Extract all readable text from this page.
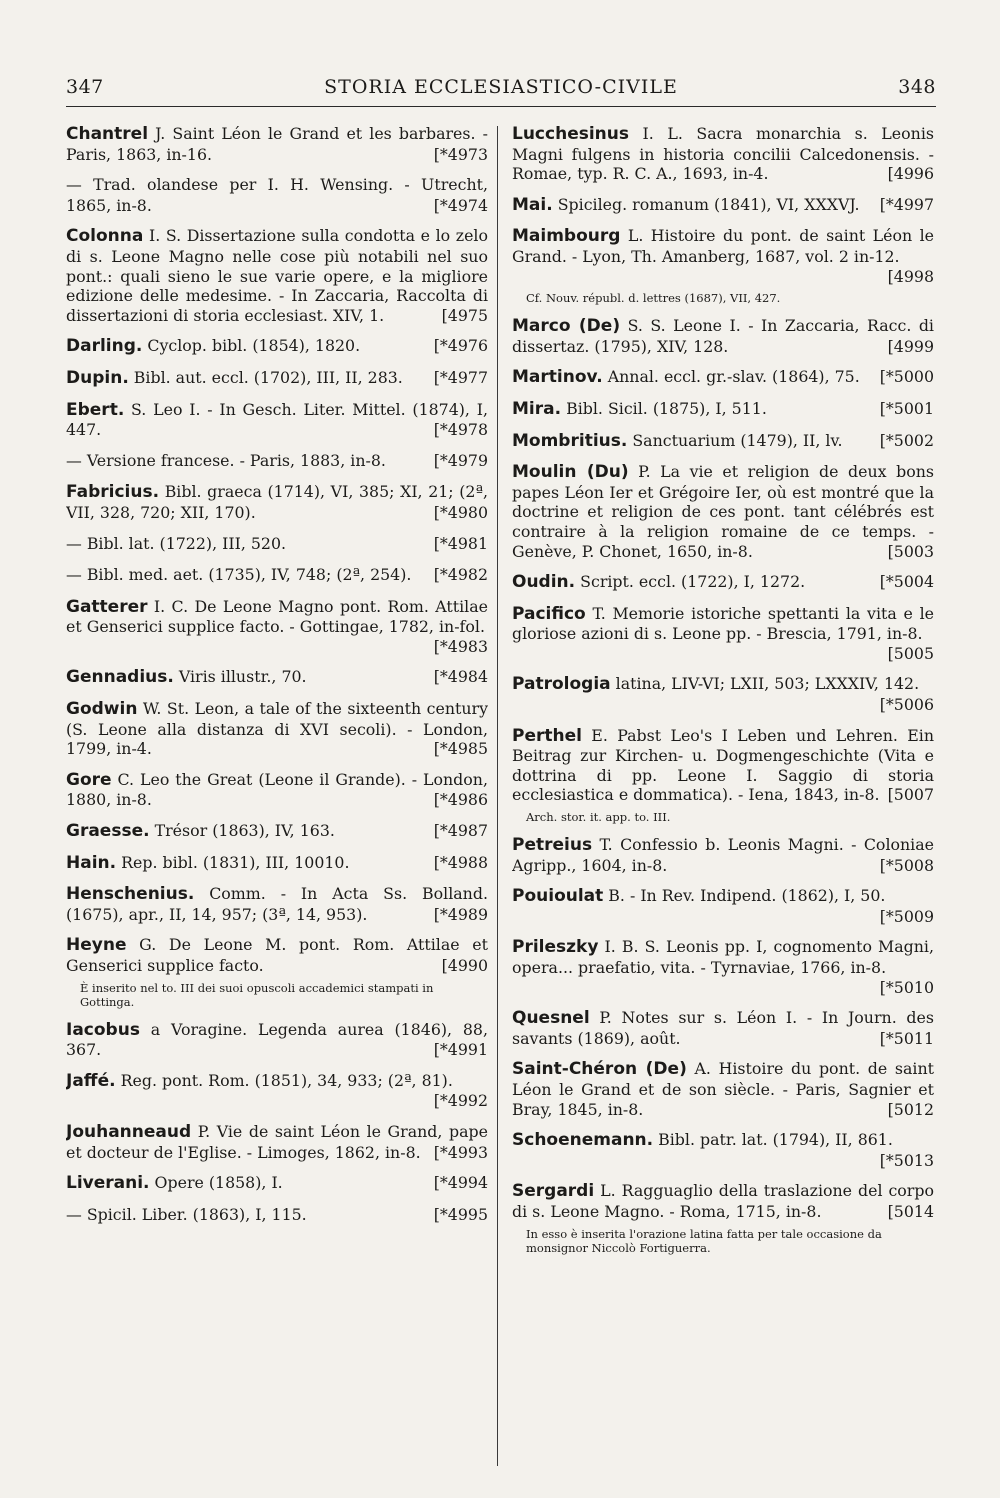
347	STORIA ECCLESIASTICO-CIVILE	348
Chantrel J. Saint Léon le Grand et les barbares. - Paris, 1863, in-16.	[*4973
— Trad. olandese per I. H. Wensing. - Utrecht, 1865, in-8.	[*4974
Colonna I. S. Dissertazione sulla condotta e lo zelo di s. Leone Magno nelle cose più notabili nel suo pont.: quali sieno le sue varie opere, e la migliore edizione delle medesime. - In Zaccaria, Raccolta di dissertazioni di storia ecclesiast. XIV, 1.	[4975
Darling. Cyclop. bibl. (1854), 1820.	[*4976
Dupin. Bibl. aut. eccl. (1702), III, II, 283.	[*4977
Ebert. S. Leo I. - In Gesch. Liter. Mittel. (1874), I, 447.	[*4978
— Versione francese. - Paris, 1883, in-8.	[*4979
Fabricius. Bibl. graeca (1714), VI, 385; XI, 21; (2ª, VII, 328, 720; XII, 170).	[*4980
— Bibl. lat. (1722), III, 520.	[*4981
— Bibl. med. aet. (1735), IV, 748; (2ª, 254).	[*4982
Gatterer I. C. De Leone Magno pont. Rom. Attilae et Genserici supplice facto. - Gottingae, 1782, in-fol.
[*4983
Gennadius. Viris illustr., 70.	[*4984
Godwin W. St. Leon, a tale of the sixteenth century (S. Leone alla distanza di XVI secoli). - London, 1799, in-4.	[*4985
Gore C. Leo the Great (Leone il Grande). - London, 1880, in-8.	[*4986
Graesse. Trésor (1863), IV, 163.	[*4987
Hain. Rep. bibl. (1831), III, 10010.	[*4988
Henschenius. Comm. - In Acta Ss. Bolland. (1675), apr., II, 14, 957; (3ª, 14, 953).	[*4989
Heyne G. De Leone M. pont. Rom. Attilae et Genserici supplice facto.	[4990
È inserito nel to. III dei suoi opuscoli accademici stampati in Gottinga.
Iacobus a Voragine. Legenda aurea (1846), 88, 367.	[*4991
Jaffé. Reg. pont. Rom. (1851), 34, 933; (2ª, 81).
[*4992
Jouhanneaud P. Vie de saint Léon le Grand, pape et docteur de l'Eglise. - Limoges, 1862, in-8. [*4993
Liverani. Opere (1858), I.	[*4994
— Spicil. Liber. (1863), I, 115.	[*4995
Lucchesinus I. L. Sacra monarchia s. Leonis Magni fulgens in historia concilii Calcedonensis. - Romae, typ. R. C. A., 1693, in-4.	[4996
Mai. Spicileg. romanum (1841), VI, XXXVJ.	[*4997
Maimbourg L. Histoire du pont. de saint Léon le Grand. - Lyon, Th. Amanberg, 1687, vol. 2 in-12.
[4998
Cf. Nouv. républ. d. lettres (1687), VII, 427.
Marco (De) S. S. Leone I. - In Zaccaria, Racc. di dissertaz. (1795), XIV, 128.	[4999
Martinov. Annal. eccl. gr.-slav. (1864), 75.	[*5000
Mira. Bibl. Sicil. (1875), I, 511.	[*5001
Mombritius. Sanctuarium (1479), II, lv.	[*5002
Moulin (Du) P. La vie et religion de deux bons papes Léon Ier et Grégoire Ier, où est montré que la doctrine et religion de ces pont. tant célébrés est contraire à la religion romaine de ce temps. - Genève, P. Chonet, 1650, in-8.	[5003
Oudin. Script. eccl. (1722), I, 1272.	[*5004
Pacifico T. Memorie istoriche spettanti la vita e le gloriose azioni di s. Leone pp. - Brescia, 1791, in-8.
[5005
Patrologia latina, LIV-VI; LXII, 503; LXXXIV, 142.
[*5006
Perthel E. Pabst Leo's I Leben und Lehren. Ein Beitrag zur Kirchen- u. Dogmengeschichte (Vita e dottrina di pp. Leone I. Saggio di storia ecclesiastica e dommatica). - Iena, 1843, in-8. [5007
Arch. stor. it. app. to. III.
Petreius T. Confessio b. Leonis Magni. - Coloniae Agripp., 1604, in-8.	[*5008
Pouioulat B. - In Rev. Indipend. (1862), I, 50.
[*5009
Prileszky I. B. S. Leonis pp. I, cognomento Magni, opera... praefatio, vita. - Tyrnaviae, 1766, in-8.
[*5010
Quesnel P. Notes sur s. Léon I. - In Journ. des savants (1869), août.	[*5011
Saint-Chéron (De) A. Histoire du pont. de saint Léon le Grand et de son siècle. - Paris, Sagnier et Bray, 1845, in-8.	[5012
Schoenemann. Bibl. patr. lat. (1794), II, 861.
[*5013
Sergardi L. Ragguaglio della traslazione del corpo di s. Leone Magno. - Roma, 1715, in-8.	[5014
In esso è inserita l'orazione latina fatta per tale occasione da monsignor Niccolò Fortiguerra.
